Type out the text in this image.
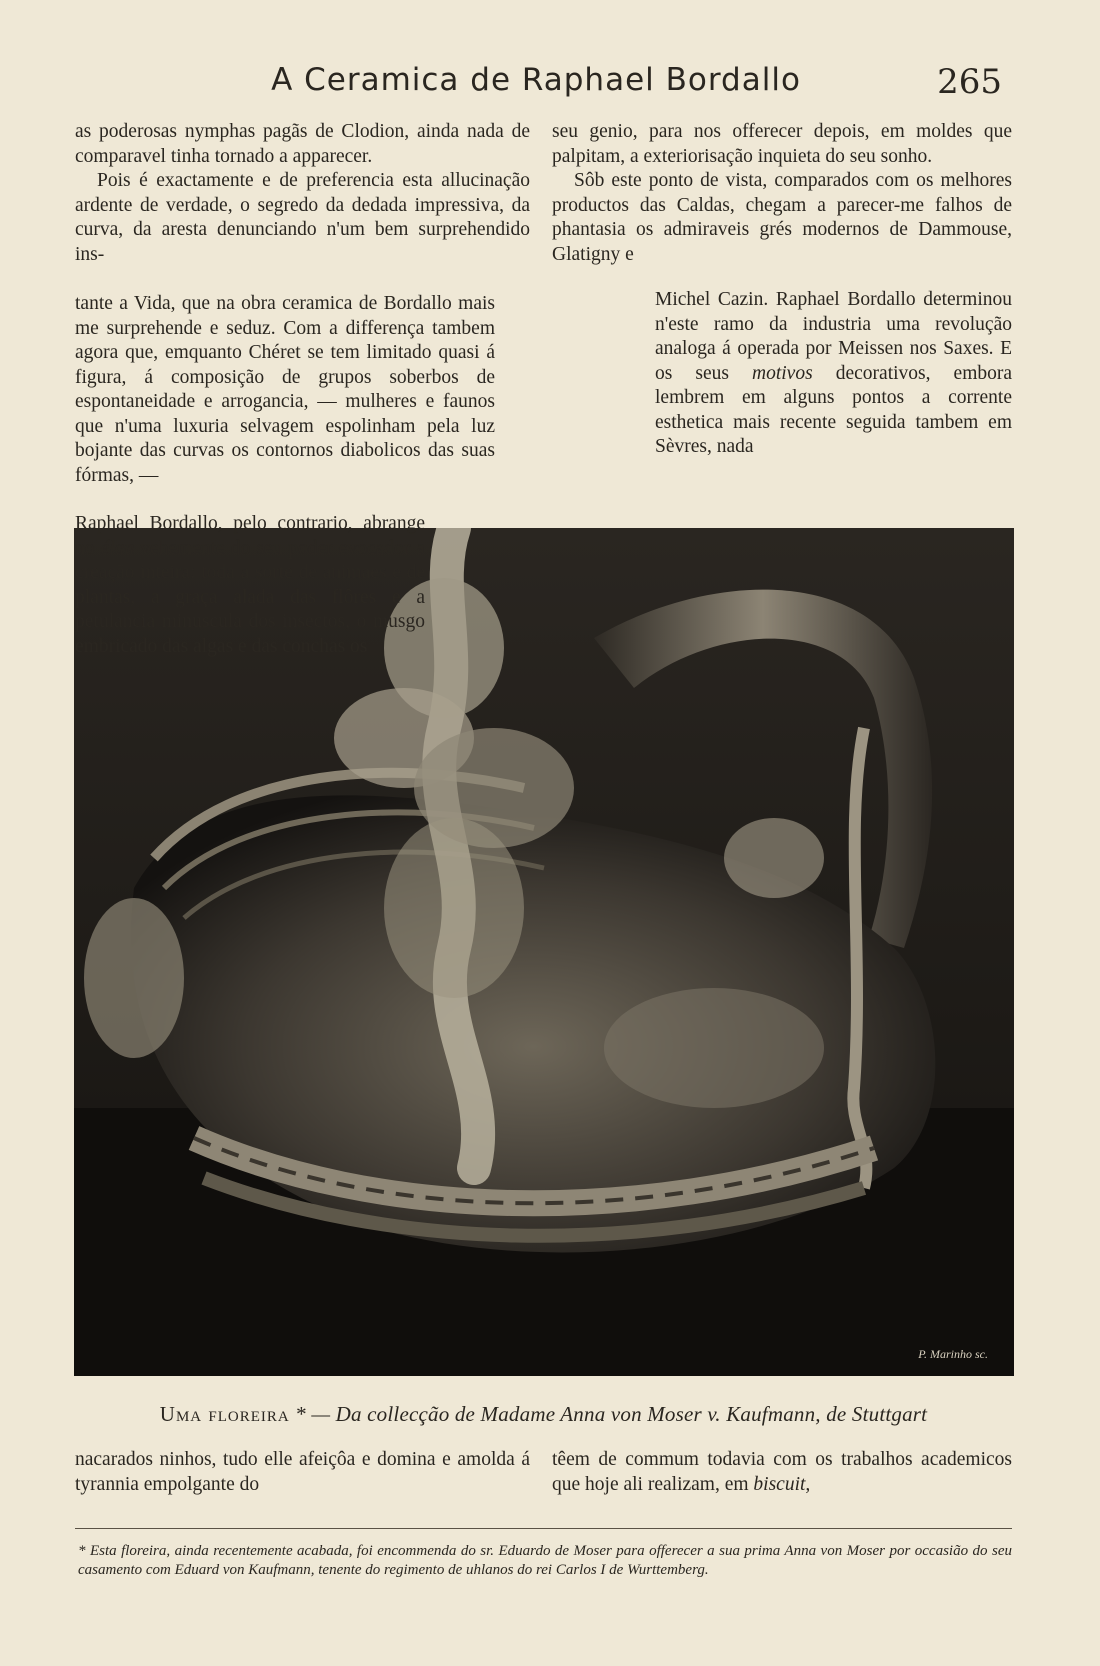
A Ceramica de Raphael Bordallo	265

as poderosas nymphas pagãs de Clodion, ainda nada de comparavel tinha tornado a apparecer.

Pois é exactamente e de preferencia esta allucinação ardente de verdade, o segredo da dedada impressiva, da curva, da aresta denunciando n'um bem surprehendido ins-

seu genio, para nos offerecer depois, em moldes que palpitam, a exteriorisação inquieta do seu sonho.

Sôb este ponto de vista, comparados com os melhores productos das Caldas, chegam a parecer-me falhos de phantasia os admiraveis grés modernos de Dammouse, Glatigny e

tante a Vida, que na obra ceramica de Bordallo mais me surprehende e seduz. Com a differença tambem agora que, emquanto Chéret se tem limitado quasi á figura, á composição de grupos soberbos de espontaneidade e arrogancia, — mulheres e faunos que n'uma luxuria selvagem espolinham pela luz bojante das curvas os contornos diabolicos das suas fórmas, —

Michel Cazin. Raphael Bordallo determinou n'este ramo da industria uma revolução analoga á operada por Meissen nos Saxes. E os seus motivos decorativos, embora lembrem em alguns pontos a corrente esthetica mais recente seguida tambem em Sèvres, nada

P. Marinho sc.

Raphael Bordallo, pelo contrario, abrange no élan vehemente do seu poder evocador a creação inteira: toda a sorte de animaes e de plantas, a graça alada das flôres e a petulancia minuscula dos insectos, o musgo embricado das algas e das conchas os

Uma floreira * — Da collecção de Madame Anna von Moser v. Kaufmann, de Stuttgart

nacarados ninhos, tudo elle afeiçôa e domina e amolda á tyrannia empolgante do

têem de commum todavia com os trabalhos academicos que hoje ali realizam, em biscuit,

* Esta floreira, ainda recentemente acabada, foi encommenda do sr. Eduardo de Moser para offerecer a sua prima Anna von Moser por occasião do seu casamento com Eduard von Kaufmann, tenente do regimento de uhlanos do rei Carlos I de Wurttemberg.
